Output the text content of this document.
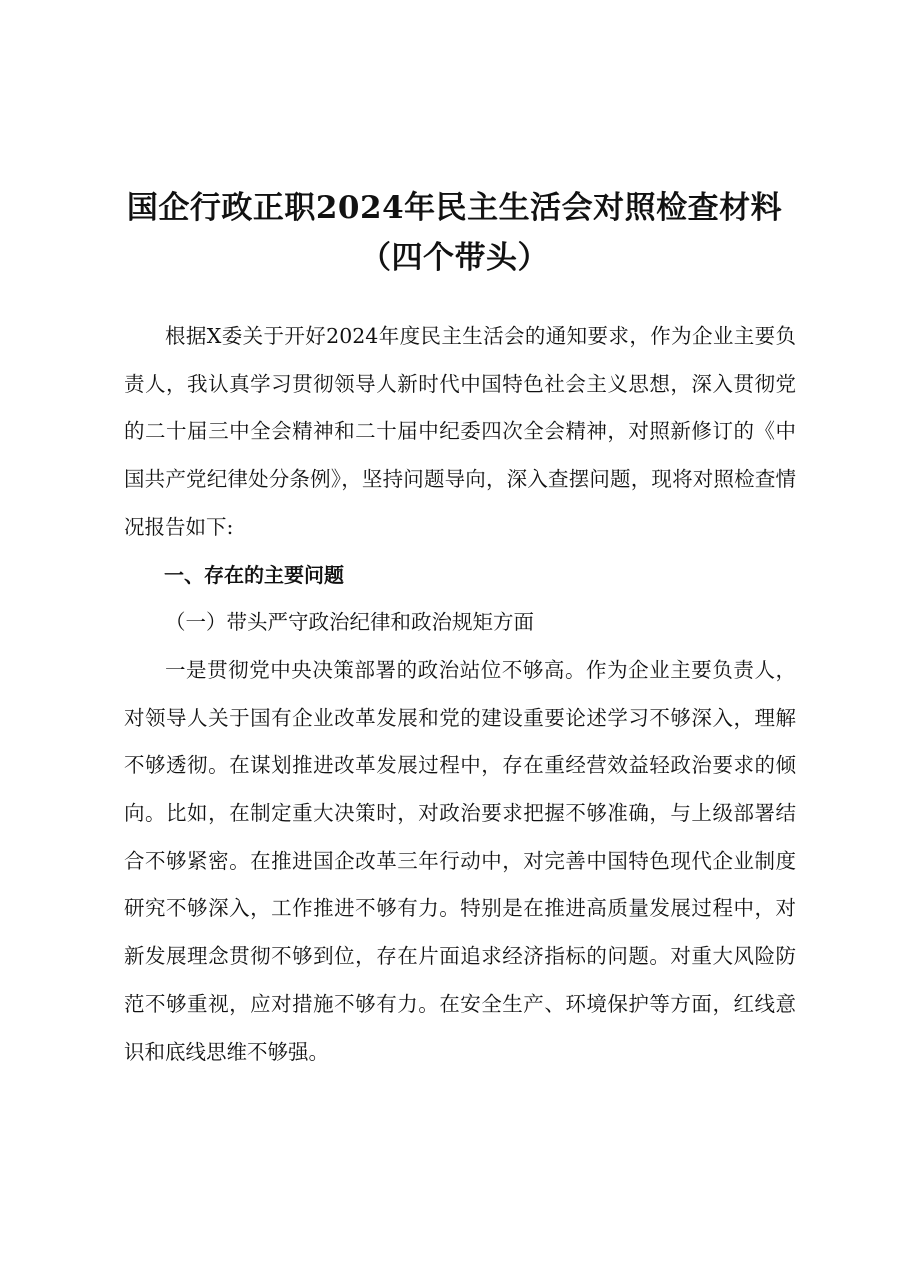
国企行政正职2024年民主生活会对照检查材料
（四个带头）

根据X委关于开好2024年度民主生活会的通知要求，作为企业主要负责人，我认真学习贯彻领导人新时代中国特色社会主义思想，深入贯彻党的二十届三中全会精神和二十届中纪委四次全会精神，对照新修订的《中国共产党纪律处分条例》，坚持问题导向，深入查摆问题，现将对照检查情况报告如下:

一、存在的主要问题

（一）带头严守政治纪律和政治规矩方面

一是贯彻党中央决策部署的政治站位不够高。作为企业主要负责人，对领导人关于国有企业改革发展和党的建设重要论述学习不够深入，理解不够透彻。在谋划推进改革发展过程中，存在重经营效益轻政治要求的倾向。比如，在制定重大决策时，对政治要求把握不够准确，与上级部署结合不够紧密。在推进国企改革三年行动中，对完善中国特色现代企业制度研究不够深入，工作推进不够有力。特别是在推进高质量发展过程中，对新发展理念贯彻不够到位，存在片面追求经济指标的问题。对重大风险防范不够重视，应对措施不够有力。在安全生产、环境保护等方面，红线意识和底线思维不够强。
